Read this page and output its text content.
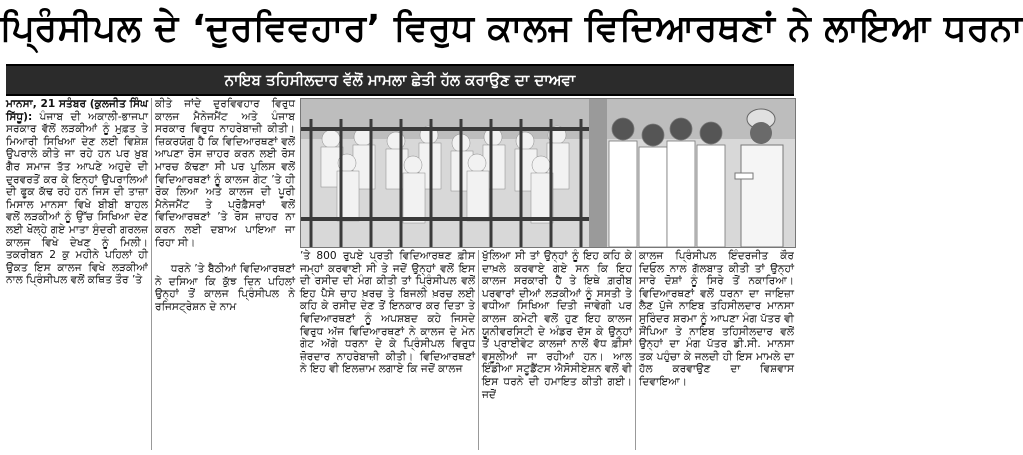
ਪ੍ਰਿੰਸੀਪਲ ਦੇ ‘ਦੁਰਵਿਵਹਾਰ’ ਵਿਰੁਧ ਕਾਲਜ ਵਿਦਿਆਰਥਣਾਂ ਨੇ ਲਾਇਆ ਧਰਨਾ
ਨਾਇਬ ਤਹਿਸੀਲਦਾਰ ਵੱਲੋਂ ਮਾਮਲਾ ਛੇਤੀ ਹੱਲ ਕਰਾਉਣ ਦਾ ਦਾਅਵਾ

ਮਾਨਸਾ, 21 ਸਤੰਬਰ (ਕੁਲਜੀਤ ਸਿੰਘ ਸਿੱਧੂ): ਪੰਜਾਬ ਦੀ ਅਕਾਲੀ-ਭਾਜਪਾ ਸਰਕਾਰ ਵੱਲੋਂ ਲੜਕੀਆਂ ਨੂੰ ਮੁਫ਼ਤ ਤੇ ਮਿਆਰੀ ਸਿਖਿਆ ਦੇਣ ਲਈ ਵਿਸ਼ੇਸ਼ ਉਪਰਾਲੇ ਕੀਤੇ ਜਾ ਰਹੇ ਹਨ ਪਰ ਖ਼ੁਬ ਗੈਰ ਸਮਾਜ ਤੱਤ ਆਪਣੇ ਅਹੁਦੇ ਦੀ ਦੁਰਵਰਤੋਂ ਕਰ ਕੇ ਇਨ੍ਹਾਂ ਉਪਰਾਲਿਆਂ ਦੀ ਫੂਕ ਕੱਢ ਰਹੇ ਹਨ ਜਿਸ ਦੀ ਤਾਜ਼ਾ ਮਿਸਾਲ ਮਾਨਸਾ ਵਿਖੇ ਬੀਬੀ ਬਾਹਲ ਵਲੋਂ ਲੜਕੀਆਂ ਨੂੰ ਉੱਚ ਸਿਖਿਆ ਦੇਣ ਲਈ ਖੋਲ੍ਹੇ ਗਏ ਮਾਤਾ ਸੁੰਦਰੀ ਗਰਲਜ਼ ਕਾਲਜ ਵਿਖੇ ਦੇਖਣ ਨੂੰ ਮਿਲੀ। ਤਕਰੀਬਨ 2 ਕੁ ਮਹੀਨੇ ਪਹਿਲਾਂ ਹੀ ਉਕਤ ਇਸ ਕਾਲਜ ਵਿਖੇ ਲੜਕੀਆਂ ਨਾਲ ਪ੍ਰਿੰਸੀਪਲ ਵਲੋਂ ਕਥਿਤ ਤੌਰ ’ਤੇ

ਕੀਤੇ ਜਾਂਦੇ ਦੁਰਵਿਵਹਾਰ ਵਿਰੁਧ ਕਾਲਜ ਮੈਨੇਜਮੈਂਟ ਅਤੇ ਪੰਜਾਬ ਸਰਕਾਰ ਵਿਰੁਧ ਨਾਹਰੇਬਾਜ਼ੀ ਕੀਤੀ। ਜ਼ਿਕਰਯੋਗ ਹੈ ਕਿ ਵਿਦਿਆਰਥਣਾਂ ਵਲੋਂ ਆਪਣਾ ਰੋਸ ਜ਼ਾਹਰ ਕਰਨ ਲਈ ਰੋਸ ਮਾਰਚ ਕੱਢਣਾ ਸੀ ਪਰ ਪੁਲਿਸ ਵਲੋਂ ਵਿਦਿਆਰਥਣਾਂ ਨੂੰ ਕਾਲਜ ਗੇਟ ’ਤੇ ਹੀ ਰੋਕ ਲਿਆ ਅਤੇ ਕਾਲਜ ਦੀ ਪੂਰੀ ਮੈਨੇਜਮੈਂਟ ਤੇ ਪ੍ਰੋਫ਼ੈਸਰਾਂ ਵਲੋਂ ਵਿਦਿਆਰਥਣਾਂ ’ਤੇ ਰੋਸ ਜ਼ਾਹਰ ਨਾ ਕਰਨ ਲਈ ਦਬਾਅ ਪਾਇਆ ਜਾ ਰਿਹਾ ਸੀ।

ਧਰਨੇ ’ਤੇ ਬੈਠੀਆਂ ਵਿਦਿਆਰਥਣਾਂ ਨੇ ਦਸਿਆ ਕਿ ਕੁੱਝ ਦਿਨ ਪਹਿਲਾਂ ਉਨ੍ਹਾਂ ਤੋਂ ਕਾਲਜ ਪ੍ਰਿੰਸੀਪਲ ਨੇ ਰਜਿਸਟ੍ਰੇਸ਼ਨ ਦੇ ਨਾਮ

’ਤੇ 800 ਰੁਪਏ ਪ੍ਰਤੀ ਵਿਦਿਆਰਥਣ ਫ਼ੀਸ ਜਮ੍ਹਾਂ ਕਰਵਾਈ ਸੀ ਤੇ ਜਦੋਂ ਉਨ੍ਹਾਂ ਵਲੋਂ ਇਸ ਦੀ ਰਸੀਦ ਦੀ ਮੰਗ ਕੀਤੀ ਤਾਂ ਪ੍ਰਿੰਸੀਪਲ ਵਲੋਂ ਇਹ ਪੈਸੇ ਚਾਹ ਖ਼ਰਚ ਤੇ ਬਿਜਲੀ ਖ਼ਰਚ ਲਈ ਕਹਿ ਕੇ ਰਸੀਦ ਦੇਣ ਤੋਂ ਇਨਕਾਰ ਕਰ ਦਿਤਾ ਤੇ ਵਿਦਿਆਰਥਣਾਂ ਨੂੰ ਅਪਸ਼ਬਦ ਕਹੇ ਜਿਸਦੇ ਵਿਰੁਧ ਅੱਜ ਵਿਦਿਆਰਥਣਾਂ ਨੇ ਕਾਲਜ ਦੇ ਮੇਨ ਗੇਟ ਅੱਗੇ ਧਰਨਾ ਦੇ ਕੇ ਪ੍ਰਿੰਸੀਪਲ ਵਿਰੁਧ ਜ਼ੋਰਦਾਰ ਨਾਹਰੇਬਾਜ਼ੀ ਕੀਤੀ। ਵਿਦਿਆਰਥਣਾਂ ਨੇ ਇਹ ਵੀ ਇਲਜ਼ਾਮ ਲਗਾਏ ਕਿ ਜਦੋਂ ਕਾਲਜ

ਖੁੱਲਿਆ ਸੀ ਤਾਂ ਉਨ੍ਹਾਂ ਨੂੰ ਇਹ ਕਹਿ ਕੇ ਦਾਖ਼ਲੇ ਕਰਵਾਏ ਗਏ ਸਨ ਕਿ ਇਹ ਕਾਲਜ ਸਰਕਾਰੀ ਹੈ ਤੇ ਇਥੇ ਗ਼ਰੀਬ ਪਰਵਾਰਾਂ ਦੀਆਂ ਲੜਕੀਆਂ ਨੂੰ ਸਸਤੀ ਤੇ ਵਧੀਆ ਸਿਖਿਆ ਦਿਤੀ ਜਾਵੇਗੀ ਪਰ ਕਾਲਜ ਕਮੇਟੀ ਵਲੋਂ ਹੁਣ ਇਹ ਕਾਲਜ ਯੂਨੀਵਰਸਿਟੀ ਦੇ ਅੰਡਰ ਦੱਸ ਕੇ ਉਨ੍ਹਾਂ ਤੋਂ ਪ੍ਰਾਈਵੇਟ ਕਾਲਜਾਂ ਨਾਲੋਂ ਵੱਧ ਫ਼ੀਸਾਂ ਵਸੂਲੀਆਂ ਜਾ ਰਹੀਆਂ ਹਨ। ਆਲ ਇੰਡੀਆ ਸਟੂਡੈਂਟਸ ਐਸੋਸੀਏਸ਼ਨ ਵਲੋਂ ਵੀ ਇਸ ਧਰਨੇ ਦੀ ਹਮਾਇਤ ਕੀਤੀ ਗਈ। ਜਦੋਂ

ਕਾਲਜ ਪ੍ਰਿੰਸੀਪਲ ਇੰਦਰਜੀਤ ਕੌਰ ਦਿਓਲ ਨਾਲ ਗੱਲਬਾਤ ਕੀਤੀ ਤਾਂ ਉਨ੍ਹਾਂ ਸਾਰੇ ਦੋਸ਼ਾਂ ਨੂੰ ਸਿਰੇ ਤੋਂ ਨਕਾਰਿਆ। ਵਿਦਿਆਰਥਣਾਂ ਵਲੋਂ ਧਰਨਾ ਦਾ ਜਾਇਜ਼ਾ ਲੈਣ ਪੁੱਜੇ ਨਾਇਬ ਤਹਿਸੀਲਦਾਰ ਮਾਨਸਾ ਸੁਰਿੰਦਰ ਸ਼ਰਮਾ ਨੂੰ ਆਪਣਾ ਮੰਗ ਪੱਤਰ ਵੀ ਸੌਂਪਿਆ ਤੇ ਨਾਇਬ ਤਹਿਸੀਲਦਾਰ ਵਲੋਂ ਉਨ੍ਹਾਂ ਦਾ ਮੰਗ ਪੱਤਰ ਡੀ.ਸੀ. ਮਾਨਸਾ ਤਕ ਪਹੁੰਚਾ ਕੇ ਜਲਦੀ ਹੀ ਇਸ ਮਾਮਲੇ ਦਾ ਹੱਲ ਕਰਵਾਉਣ ਦਾ ਵਿਸ਼ਵਾਸ ਦਿਵਾਇਆ।
